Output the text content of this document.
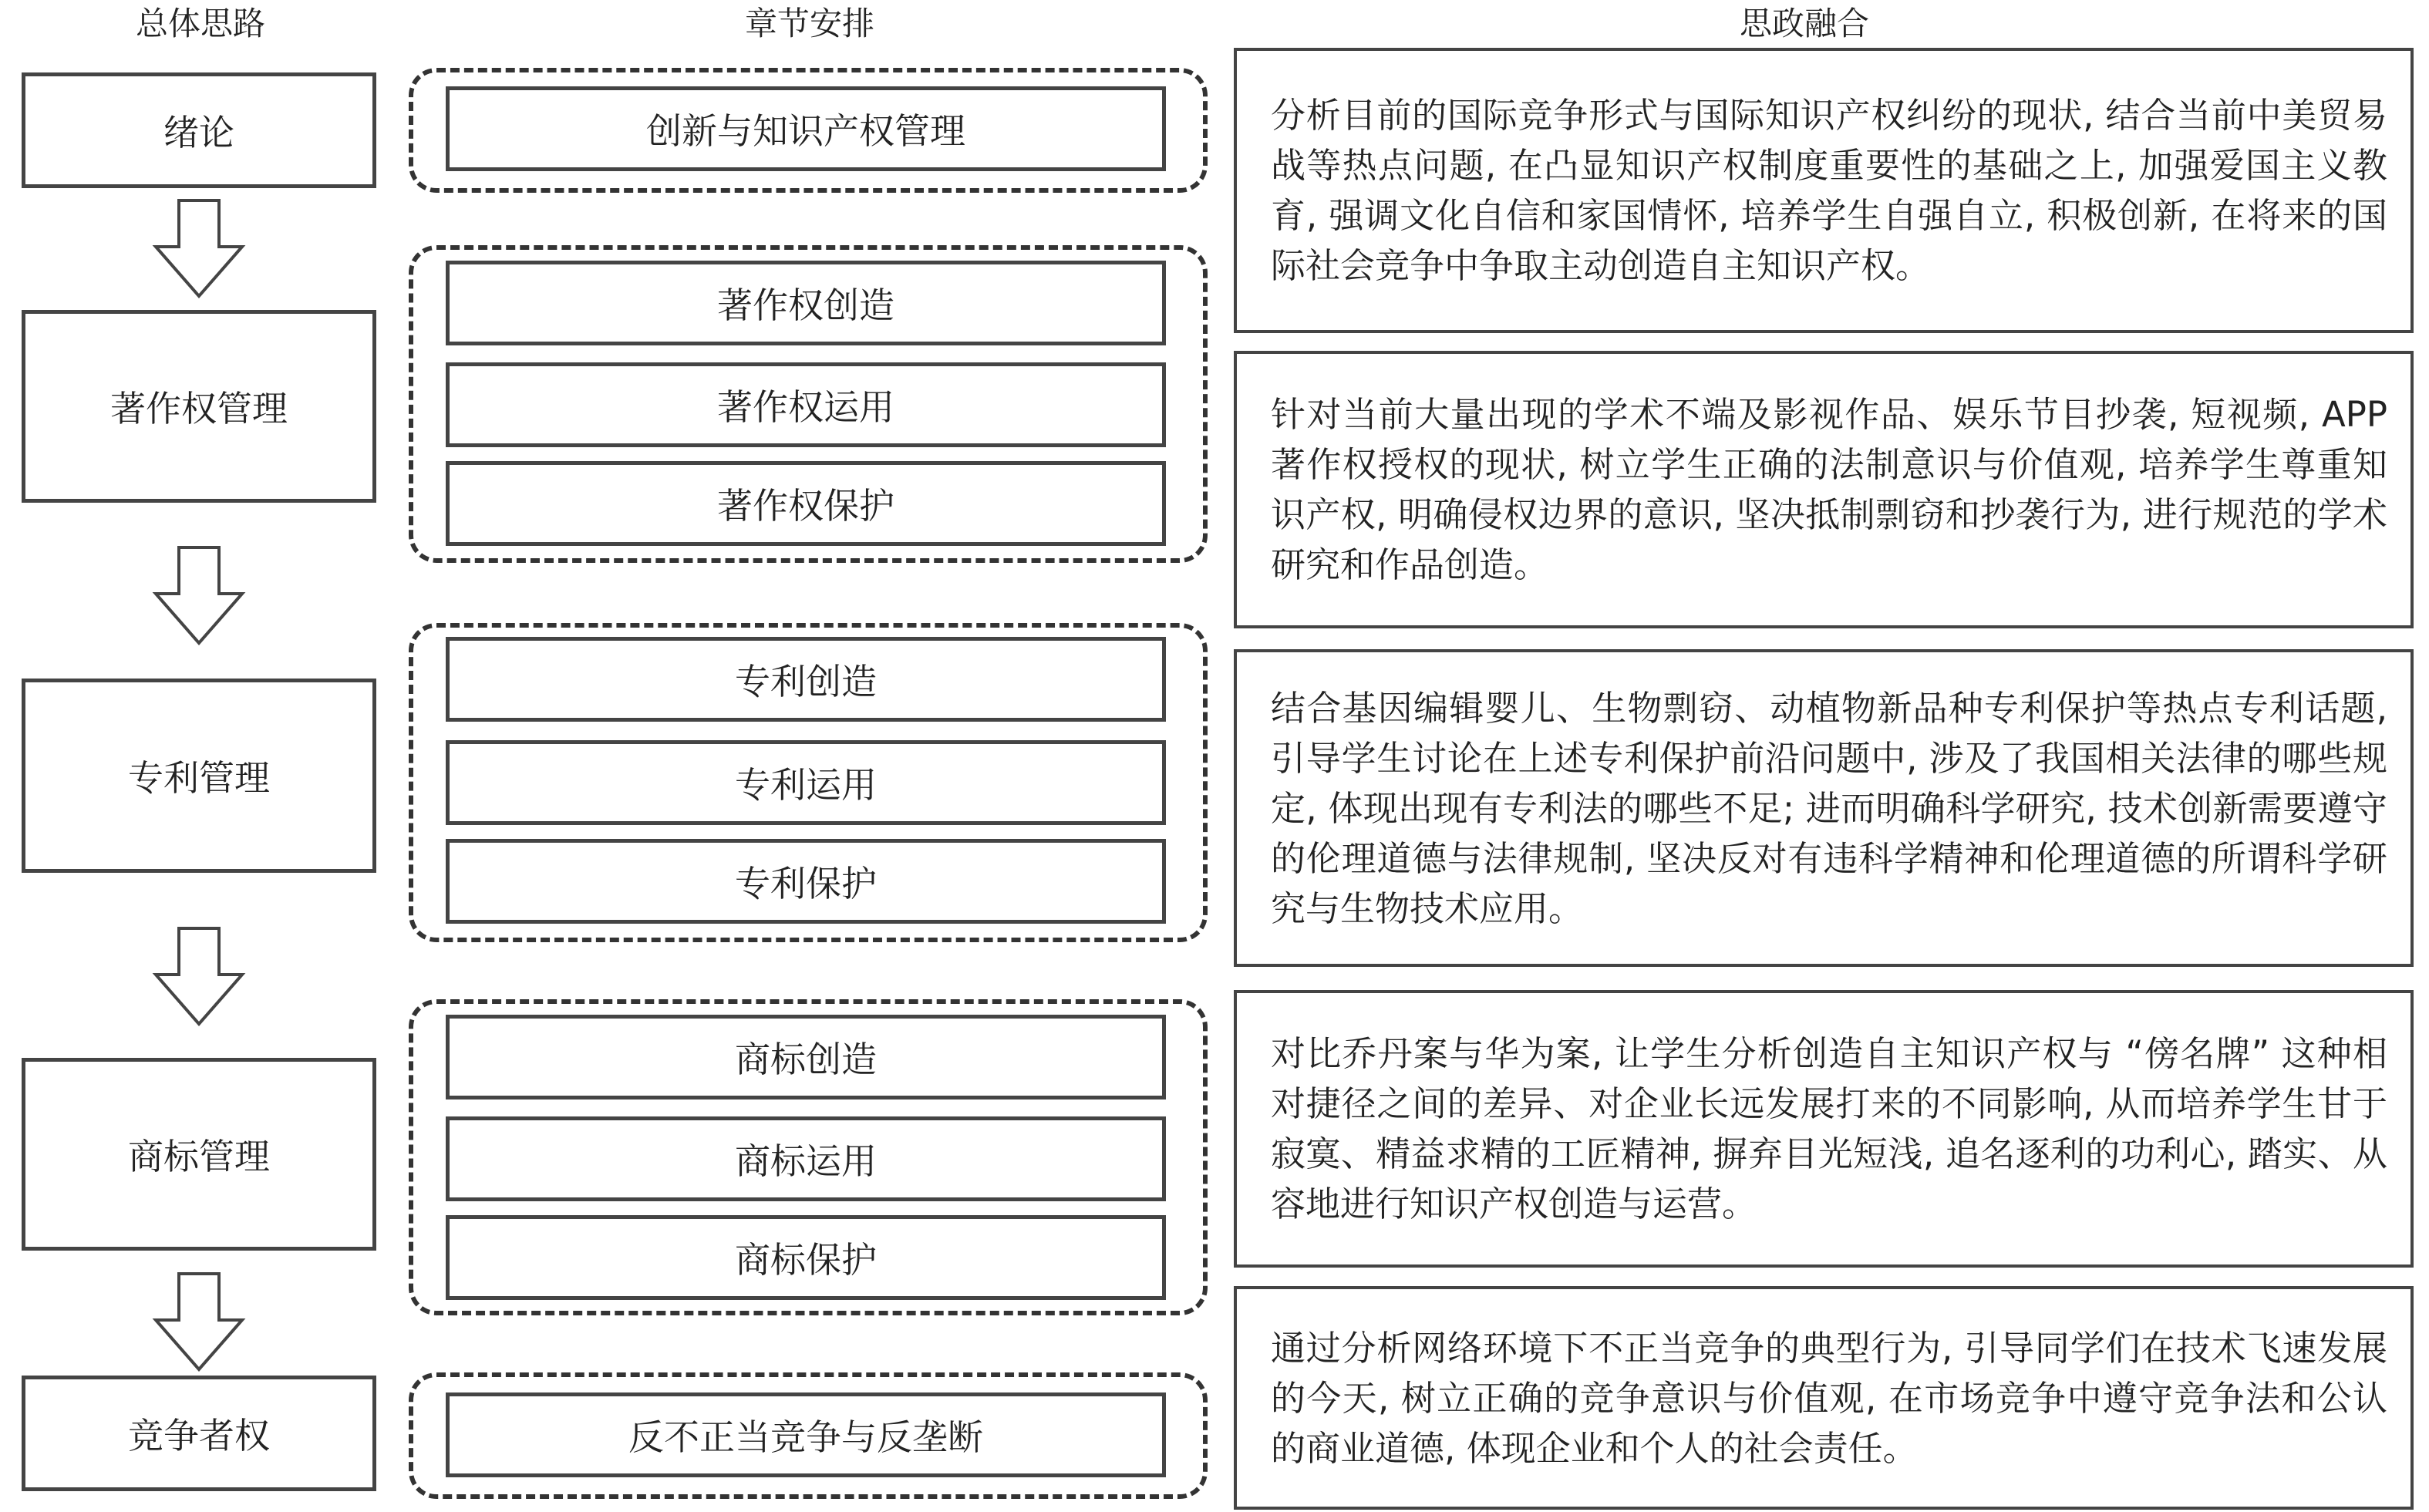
总体思路	章节安排	思政融合
绪论
著作权管理
专利管理
商标管理
竞争者权
创新与知识产权管理
著作权创造
著作权运用
著作权保护
专利创造
专利运用
专利保护
商标创造
商标运用
商标保护
反不正当竞争与反垄断
分析目前的国际竞争形式与国际知识产权纠纷的现状, 结合当前中美贸易战等热点问题, 在凸显知识产权制度重要性的基础之上, 加强爱国主义教育, 强调文化自信和家国情怀, 培养学生自强自立, 积极创新, 在将来的国际社会竞争中争取主动创造自主知识产权。
针对当前大量出现的学术不端及影视作品、娱乐节目抄袭, 短视频, APP 著作权授权的现状, 树立学生正确的法制意识与价值观, 培养学生尊重知识产权, 明确侵权边界的意识, 坚决抵制剽窃和抄袭行为, 进行规范的学术研究和作品创造。
结合基因编辑婴儿、生物剽窃、动植物新品种专利保护等热点专利话题, 引导学生讨论在上述专利保护前沿问题中, 涉及了我国相关法律的哪些规定, 体现出现有专利法的哪些不足; 进而明确科学研究, 技术创新需要遵守的伦理道德与法律规制, 坚决反对有违科学精神和伦理道德的所谓科学研究与生物技术应用。
对比乔丹案与华为案, 让学生分析创造自主知识产权与 “傍名牌” 这种相对捷径之间的差异、对企业长远发展打来的不同影响, 从而培养学生甘于寂寞、精益求精的工匠精神, 摒弃目光短浅, 追名逐利的功利心, 踏实、从容地进行知识产权创造与运营。
通过分析网络环境下不正当竞争的典型行为, 引导同学们在技术飞速发展的今天, 树立正确的竞争意识与价值观, 在市场竞争中遵守竞争法和公认的商业道德, 体现企业和个人的社会责任。
